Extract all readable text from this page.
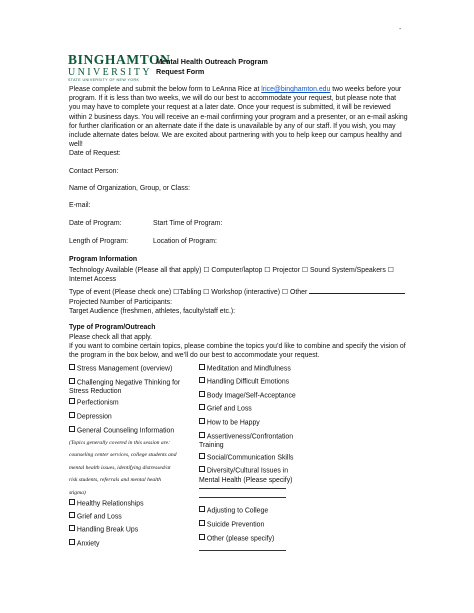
-
BINGHAMTON
UNIVERSITY
STATE UNIVERSITY OF NEW YORK
Mental Health Outreach Program
Request Form
Please complete and submit the below form to LeAnna Rice at lrice@binghamton.edu two weeks before your program. If it is less than two weeks, we will do our best to accommodate your request, but please note that you may have to complete your request at a later date. Once your request is submitted, it will be reviewed within 2 business days. You will receive an e-mail confirming your program and a presenter, or an e-mail asking for further clarification or an alternate date if the date is unavailable by any of our staff. If you wish, you may include alternate dates below. We are excited about partnering with you to help keep our campus healthy and well!
Date of Request:
Contact Person:
Name of Organization, Group, or Class:
E-mail:
Date of Program:	Start Time of Program:
Length of Program:	Location of Program:
Program Information
Technology Available (Please all that apply) ☐ Computer/laptop ☐ Projector ☐ Sound System/Speakers ☐ Internet Access
Type of event (Please check one) ☐Tabling ☐ Workshop (interactive) ☐ Other
Projected Number of Participants:
Target Audience (freshmen, athletes, faculty/staff etc.):
Type of Program/Outreach
Please check all that apply.
If you want to combine certain topics, please combine the topics you’d like to combine and specify the vision of the program in the box below, and we’ll do our best to accommodate your request.
Stress Management (overview)
Challenging Negative Thinking for
Stress Reduction
Perfectionism
Depression
General Counseling Information
(Topics generally covered in this session are: counseling center services, college students and mental health issues, identifying distressed/at risk students, referrals and mental health stigma)
Healthy Relationships
Grief and Loss
Handling Break Ups
Anxiety
Meditation and Mindfulness
Handling Difficult Emotions
Body Image/Self-Acceptance
Grief and Loss
How to be Happy
Assertiveness/Confrontation
Training
Social/Communication Skills
Diversity/Cultural Issues in
Mental Health (Please specify)
Adjusting to College
Suicide Prevention
Other (please specify)
